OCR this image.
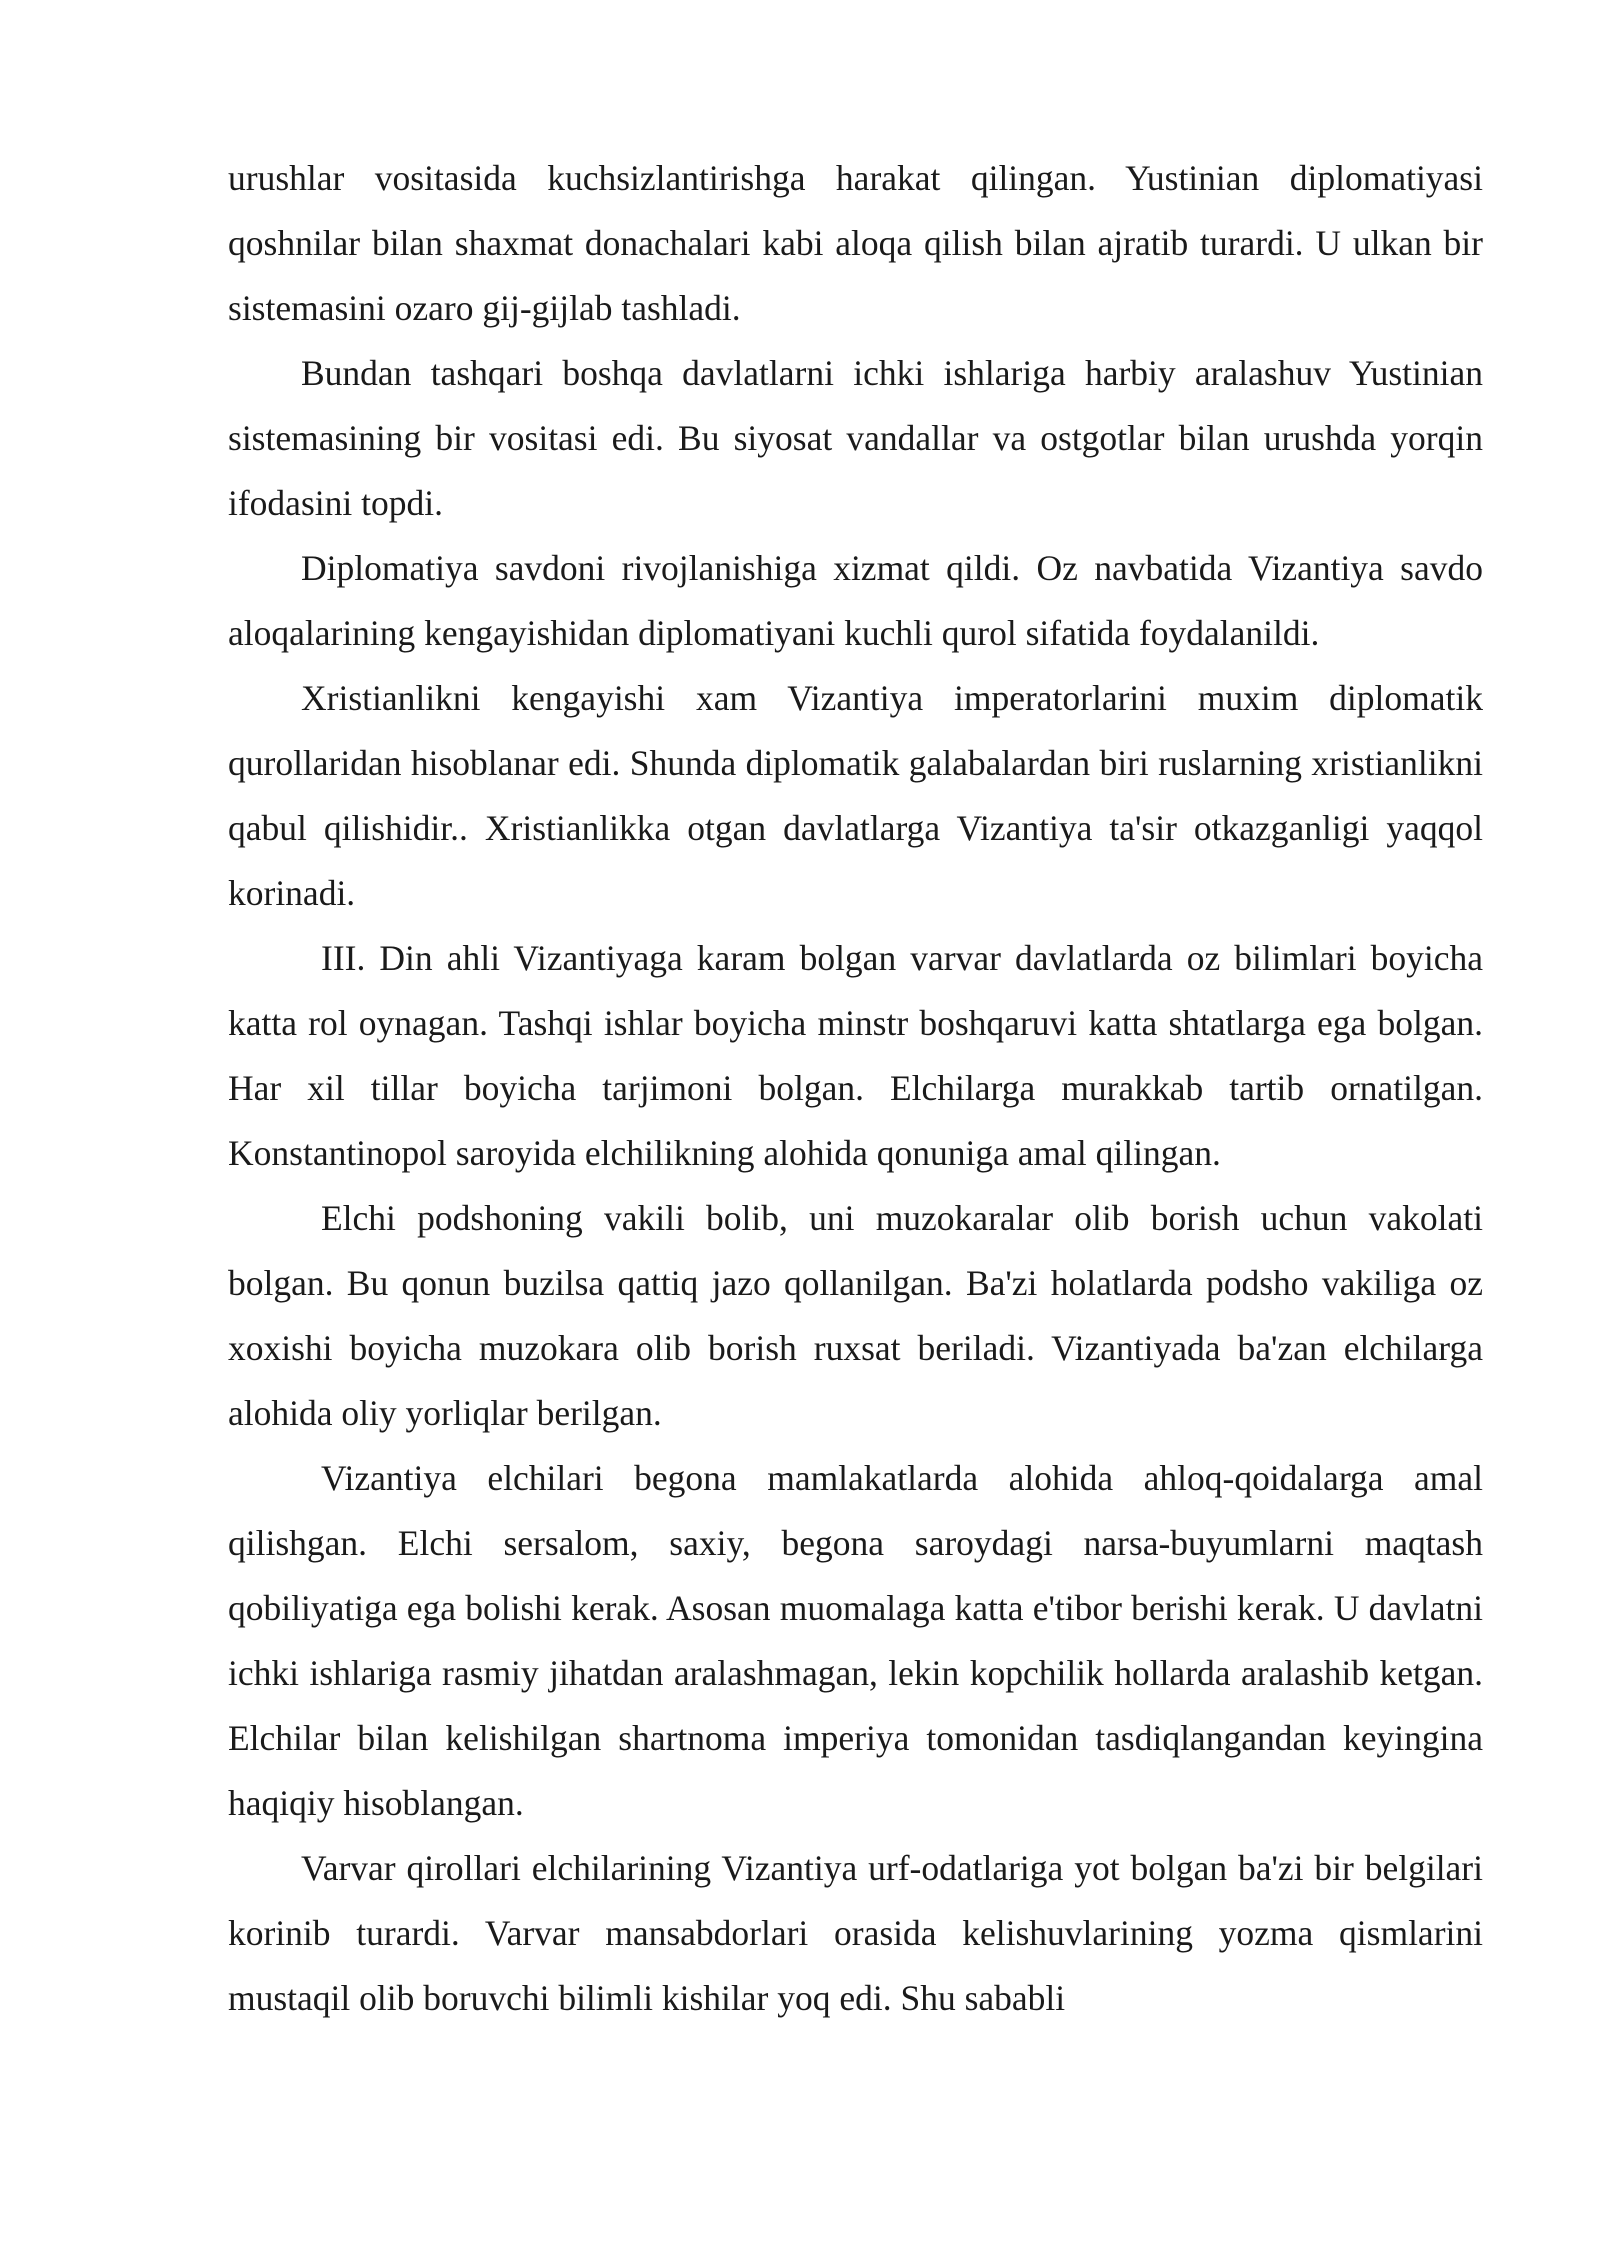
urushlar vositasida kuchsizlantirishga harakat qilingan. Yustinian diplomatiyasi qoshnilar bilan shaxmat donachalari kabi aloqa qilish bilan ajratib turardi. U ulkan bir sistemasini ozaro gij-gijlab tashladi.

Bundan tashqari boshqa davlatlarni ichki ishlariga harbiy aralashuv Yustinian sistemasining bir vositasi edi. Bu siyosat vandallar va ostgotlar bilan urushda yorqin ifodasini topdi.

Diplomatiya savdoni rivojlanishiga xizmat qildi. Oz navbatida Vizantiya savdo aloqalarining kengayishidan diplomatiyani kuchli qurol sifatida foydalanildi.

Xristianlikni kengayishi xam Vizantiya imperatorlarini muxim diplomatik qurollaridan hisoblanar edi. Shunda diplomatik galabalardan biri ruslarning xristianlikni qabul qilishidir.. Xristianlikka otgan davlatlarga Vizantiya ta'sir otkazganligi yaqqol korinadi.

III. Din ahli Vizantiyaga karam bolgan varvar davlatlarda oz bilimlari boyicha katta rol oynagan. Tashqi ishlar boyicha minstr boshqaruvi katta shtatlarga ega bolgan. Har xil tillar boyicha tarjimoni bolgan. Elchilarga murakkab tartib ornatilgan. Konstantinopol saroyida elchilikning alohida qonuniga amal qilingan.

Elchi podshoning vakili bolib, uni muzokaralar olib borish uchun vakolati bolgan. Bu qonun buzilsa qattiq jazo qollanilgan. Ba'zi holatlarda podsho vakiliga oz xoxishi boyicha muzokara olib borish ruxsat beriladi. Vizantiyada ba'zan elchilarga alohida oliy yorliqlar berilgan.

Vizantiya elchilari begona mamlakatlarda alohida ahloq-qoidalarga amal qilishgan. Elchi sersalom, saxiy, begona saroydagi narsa-buyumlarni maqtash qobiliyatiga ega bolishi kerak. Asosan muomalaga katta e'tibor berishi kerak. U davlatni ichki ishlariga rasmiy jihatdan aralashmagan, lekin kopchilik hollarda aralashib ketgan. Elchilar bilan kelishilgan shartnoma imperiya tomonidan tasdiqlangandan keyingina haqiqiy hisoblangan.

Varvar qirollari elchilarining Vizantiya urf-odatlariga yot bolgan ba'zi bir belgilari korinib turardi. Varvar mansabdorlari orasida kelishuvlarining yozma qismlarini mustaqil olib boruvchi bilimli kishilar yoq edi. Shu sababli
